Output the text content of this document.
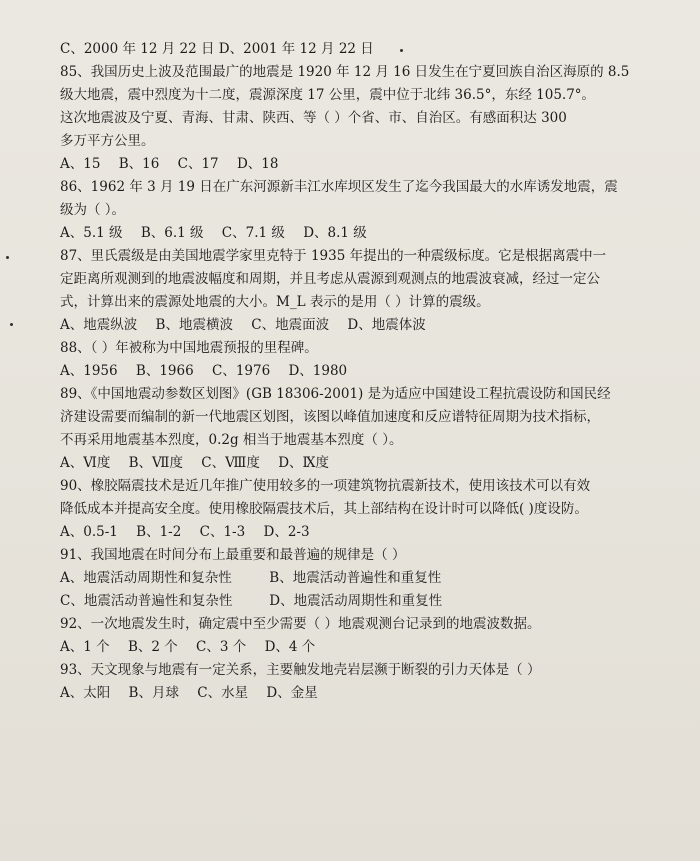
C、2000 年 12 月 22 日 D、2001 年 12 月 22 日

85、我国历史上波及范围最广的地震是 1920 年 12 月 16 日发生在宁夏回族自治区海原的 8.5

级大地震，震中烈度为十二度，震源深度 17 公里，震中位于北纬 36.5°，东经 105.7°。

这次地震波及宁夏、青海、甘肃、陕西、等（ ）个省、市、自治区。有感面积达 300

多万平方公里。

A、15 B、16 C、17 D、18

86、1962 年 3 月 19 日在广东河源新丰江水库坝区发生了迄今我国最大的水库诱发地震，震

级为（ ）。

A、5.1 级 B、6.1 级 C、7.1 级 D、8.1 级

87、里氏震级是由美国地震学家里克特于 1935 年提出的一种震级标度。它是根据离震中一

定距离所观测到的地震波幅度和周期，并且考虑从震源到观测点的地震波衰减，经过一定公

式，计算出来的震源处地震的大小。M_L 表示的是用（ ）计算的震级。

A、地震纵波 B、地震横波 C、地震面波 D、地震体波

88、（ ）年被称为中国地震预报的里程碑。

A、1956 B、1966 C、1976 D、1980

89、《中国地震动参数区划图》(GB 18306-2001) 是为适应中国建设工程抗震设防和国民经

济建设需要而编制的新一代地震区划图，该图以峰值加速度和反应谱特征周期为技术指标，

不再采用地震基本烈度，0.2g 相当于地震基本烈度（ ）。

A、Ⅵ度 B、Ⅶ度 C、Ⅷ度 D、Ⅸ度

90、橡胶隔震技术是近几年推广使用较多的一项建筑物抗震新技术，使用该技术可以有效

降低成本并提高安全度。使用橡胶隔震技术后，其上部结构在设计时可以降低( )度设防。

A、0.5-1 B、1-2 C、1-3 D、2-3

91、我国地震在时间分布上最重要和最普遍的规律是（ ）

A、地震活动周期性和复杂性	B、地震活动普遍性和重复性

C、地震活动普遍性和复杂性	D、地震活动周期性和重复性

92、一次地震发生时，确定震中至少需要（ ）地震观测台记录到的地震波数据。

A、1 个 B、2 个 C、3 个 D、4 个

93、天文现象与地震有一定关系，主要触发地壳岩层濒于断裂的引力天体是（ ）

A、太阳 B、月球 C、水星 D、金星
